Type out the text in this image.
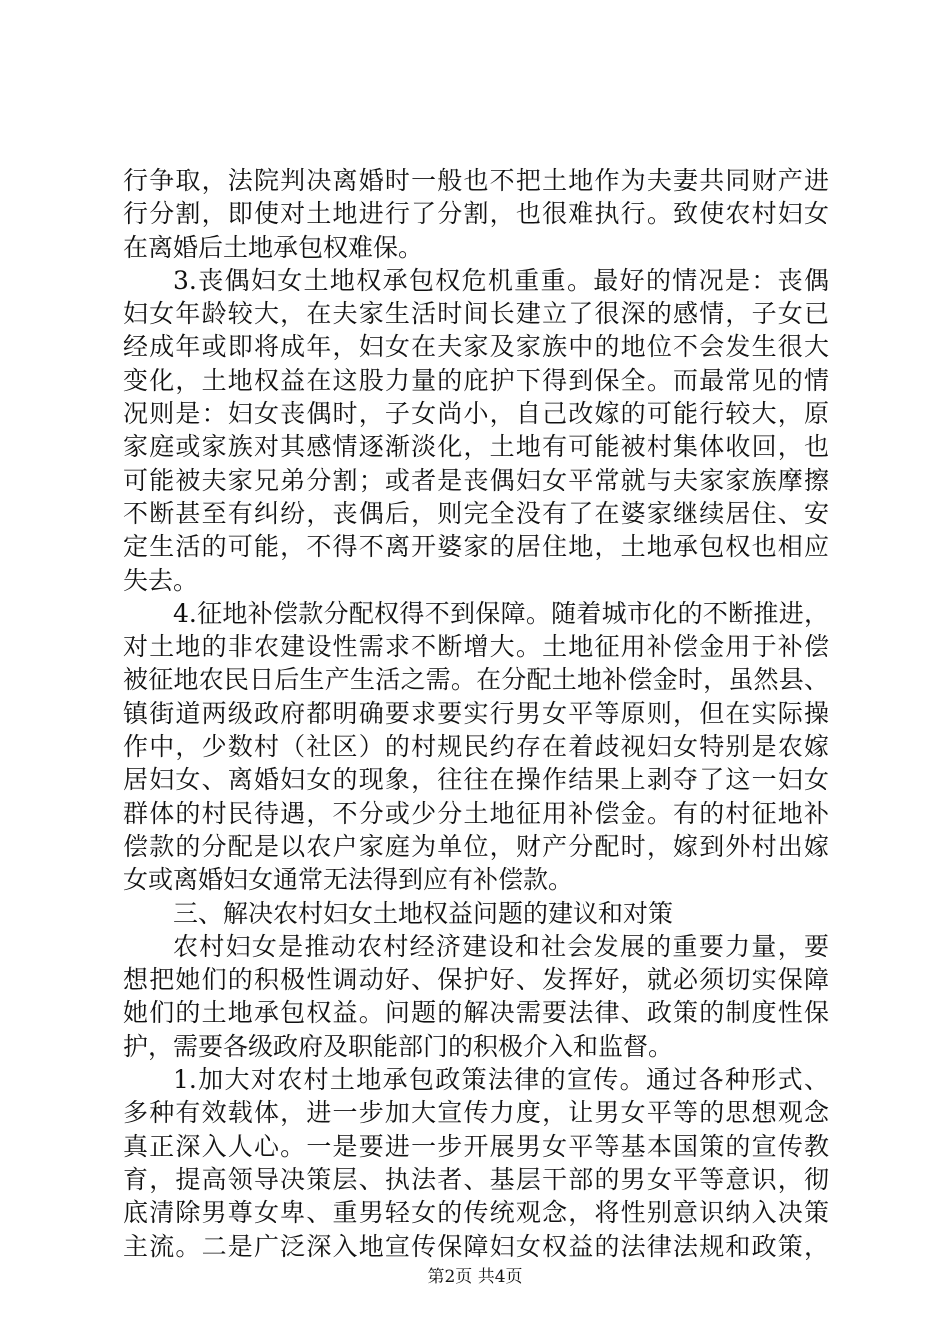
行争取，法院判决离婚时一般也不把土地作为夫妻共同财产进
行分割，即使对土地进行了分割，也很难执行。致使农村妇女
在离婚后土地承包权难保。
3.丧偶妇女土地权承包权危机重重。最好的情况是：丧偶
妇女年龄较大，在夫家生活时间长建立了很深的感情，子女已
经成年或即将成年，妇女在夫家及家族中的地位不会发生很大
变化，土地权益在这股力量的庇护下得到保全。而最常见的情
况则是：妇女丧偶时，子女尚小，自己改嫁的可能行较大，原
家庭或家族对其感情逐渐淡化，土地有可能被村集体收回，也
可能被夫家兄弟分割；或者是丧偶妇女平常就与夫家家族摩擦
不断甚至有纠纷，丧偶后，则完全没有了在婆家继续居住、安
定生活的可能，不得不离开婆家的居住地，土地承包权也相应
失去。
4.征地补偿款分配权得不到保障。随着城市化的不断推进，
对土地的非农建设性需求不断增大。土地征用补偿金用于补偿
被征地农民日后生产生活之需。在分配土地补偿金时，虽然县、
镇街道两级政府都明确要求要实行男女平等原则，但在实际操
作中，少数村（社区）的村规民约存在着歧视妇女特别是农嫁
居妇女、离婚妇女的现象，往往在操作结果上剥夺了这一妇女
群体的村民待遇，不分或少分土地征用补偿金。有的村征地补
偿款的分配是以农户家庭为单位，财产分配时，嫁到外村出嫁
女或离婚妇女通常无法得到应有补偿款。
三、解决农村妇女土地权益问题的建议和对策
农村妇女是推动农村经济建设和社会发展的重要力量，要
想把她们的积极性调动好、保护好、发挥好，就必须切实保障
她们的土地承包权益。问题的解决需要法律、政策的制度性保
护，需要各级政府及职能部门的积极介入和监督。
1.加大对农村土地承包政策法律的宣传。通过各种形式、
多种有效载体，进一步加大宣传力度，让男女平等的思想观念
真正深入人心。一是要进一步开展男女平等基本国策的宣传教
育，提高领导决策层、执法者、基层干部的男女平等意识，彻
底清除男尊女卑、重男轻女的传统观念，将性别意识纳入决策
主流。二是广泛深入地宣传保障妇女权益的法律法规和政策，
第2页 共4页
